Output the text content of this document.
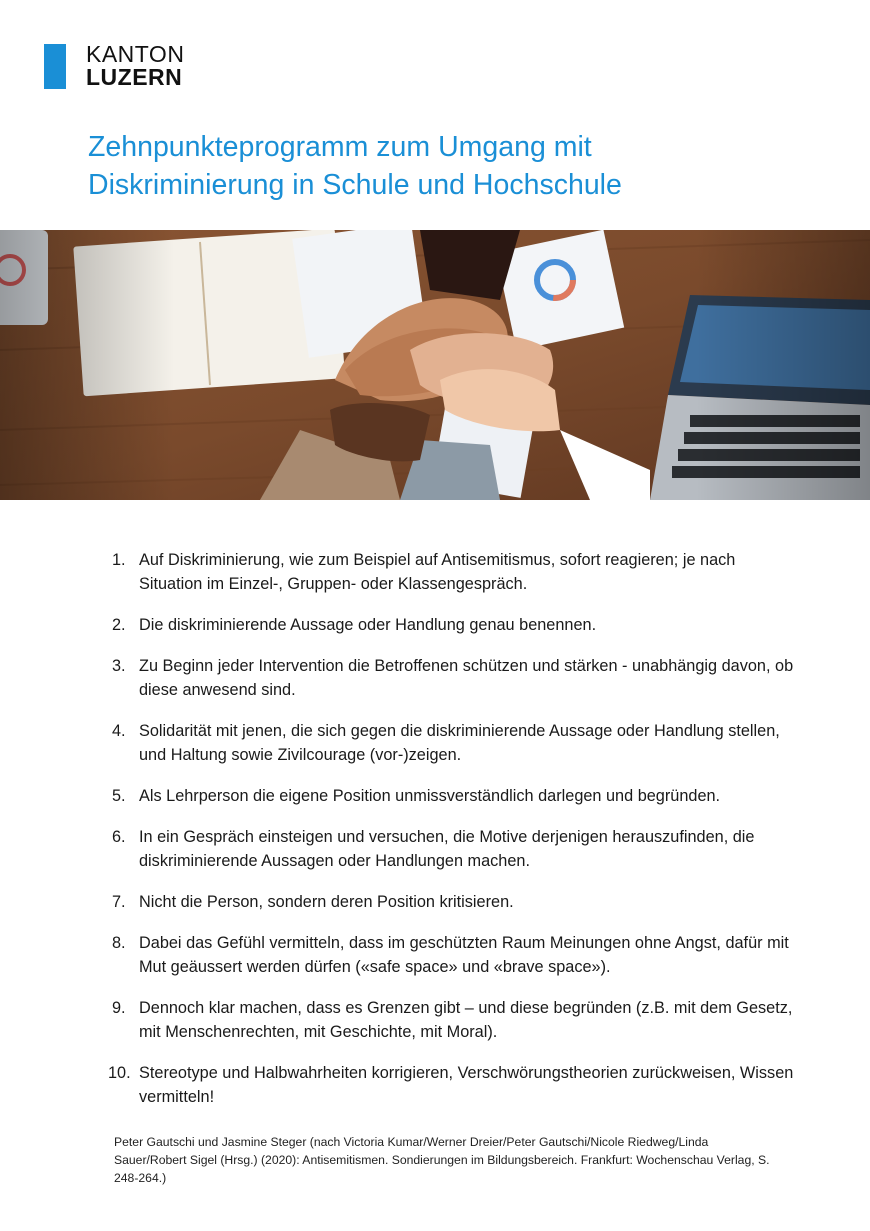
KANTON
LUZERN
Zehnpunkteprogramm zum Umgang mit
Diskriminierung in Schule und Hochschule
1. Auf Diskriminierung, wie zum Beispiel auf Antisemitismus, sofort reagieren; je nach Situation im Einzel-, Gruppen- oder Klassengespräch.
2. Die diskriminierende Aussage oder Handlung genau benennen.
3. Zu Beginn jeder Intervention die Betroffenen schützen und stärken - unabhängig davon, ob diese anwesend sind.
4. Solidarität mit jenen, die sich gegen die diskriminierende Aussage oder Handlung stellen, und Haltung sowie Zivilcourage (vor-)zeigen.
5. Als Lehrperson die eigene Position unmissverständlich darlegen und begründen.
6. In ein Gespräch einsteigen und versuchen, die Motive derjenigen herauszufinden, die diskriminierende Aussagen oder Handlungen machen.
7. Nicht die Person, sondern deren Position kritisieren.
8. Dabei das Gefühl vermitteln, dass im geschützten Raum Meinungen ohne Angst, dafür mit Mut geäussert werden dürfen («safe space» und «brave space»).
9. Dennoch klar machen, dass es Grenzen gibt – und diese begründen (z.B. mit dem Gesetz, mit Menschenrechten, mit Geschichte, mit Moral).
10. Stereotype und Halbwahrheiten korrigieren, Verschwörungstheorien zurückweisen, Wissen vermitteln!
Peter Gautschi und Jasmine Steger (nach Victoria Kumar/Werner Dreier/Peter Gautschi/Nicole Riedweg/Linda Sauer/Robert Sigel (Hrsg.) (2020): Antisemitismen. Sondierungen im Bildungsbereich. Frankfurt: Wochenschau Verlag, S. 248-264.)
